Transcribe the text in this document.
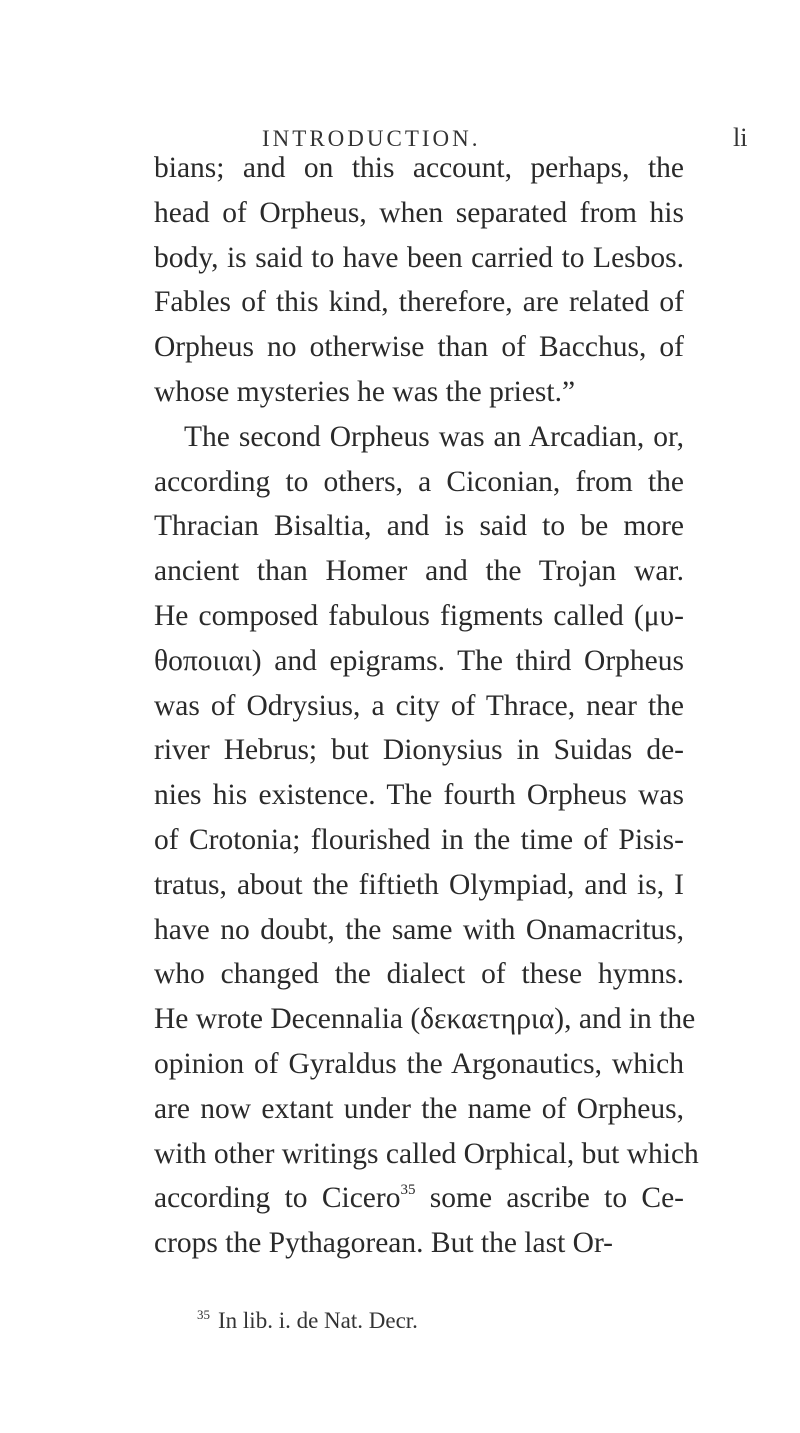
INTRODUCTION.	li
bians; and on this account, perhaps, the
head of Orpheus, when separated from his
body, is said to have been carried to Lesbos.
Fables of this kind, therefore, are related of
Orpheus no otherwise than of Bacchus, of
whose mysteries he was the priest.”
The second Orpheus was an Arcadian, or,
according to others, a Ciconian, from the
Thracian Bisaltia, and is said to be more
ancient than Homer and the Trojan war.
He composed fabulous figments called (μυ-
θοποιιαι) and epigrams. The third Orpheus
was of Odrysius, a city of Thrace, near the
river Hebrus; but Dionysius in Suidas de-
nies his existence. The fourth Orpheus was
of Crotonia; flourished in the time of Pisis-
tratus, about the fiftieth Olympiad, and is, I
have no doubt, the same with Onamacritus,
who changed the dialect of these hymns.
He wrote Decennalia (δεκαετηρια), and in the
opinion of Gyraldus the Argonautics, which
are now extant under the name of Orpheus,
with other writings called Orphical, but which
according to Cicero$^{35}$ some ascribe to Ce-
crops the Pythagorean. But the last Or-
$^{35}$ In lib. i. de Nat. Decr.
